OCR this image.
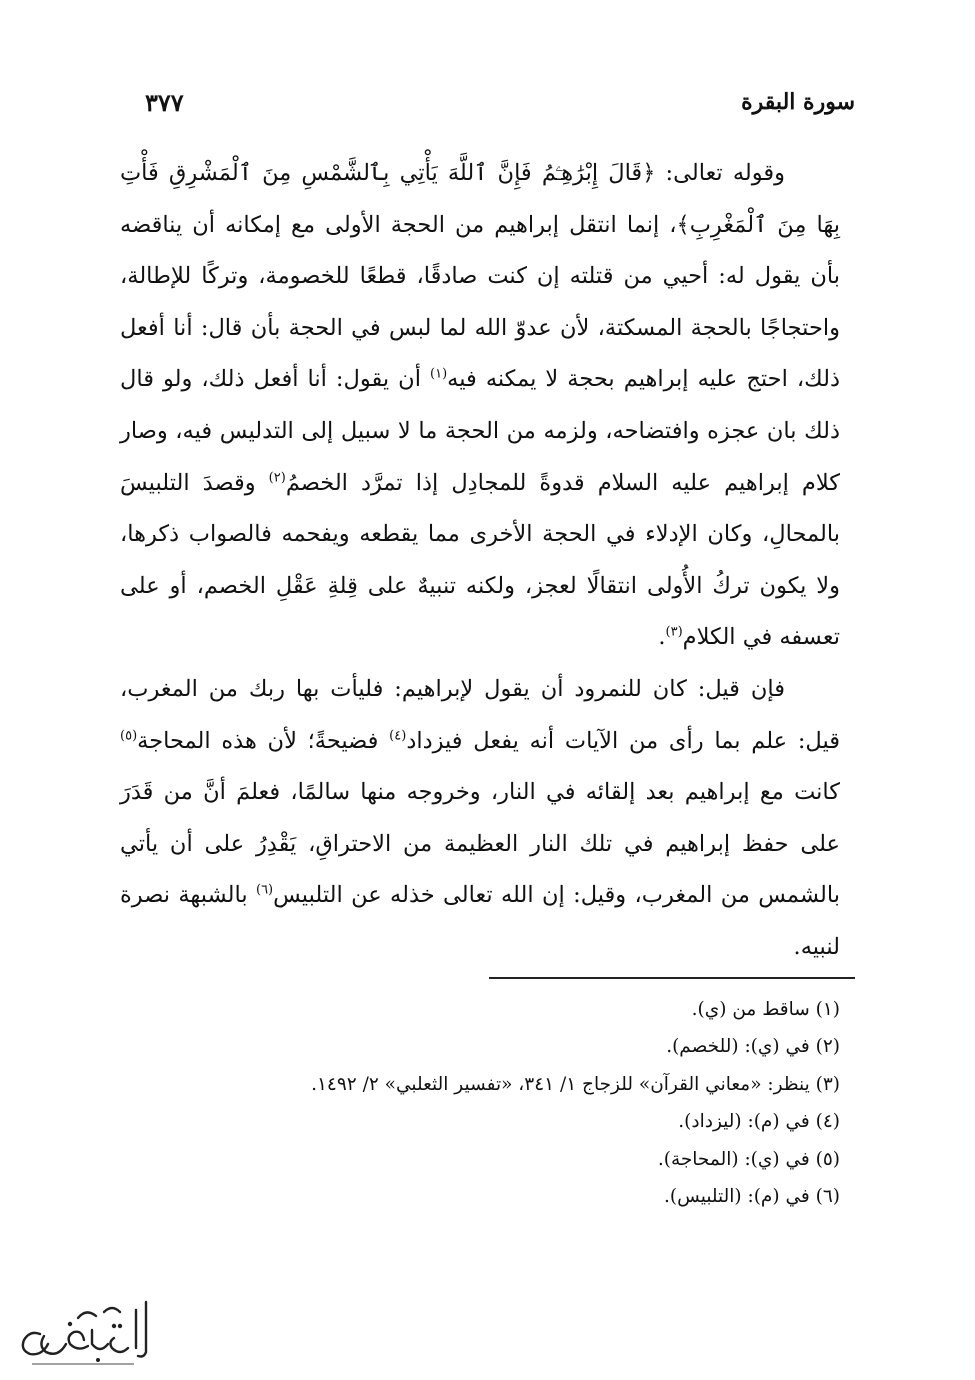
سورة البقرة
٣٧٧

وقوله تعالى: ﴿قَالَ إِبْرَٰهِـۧمُ فَإِنَّ ٱللَّهَ يَأْتِي بِٱلشَّمْسِ مِنَ ٱلْمَشْرِقِ فَأْتِ بِهَا مِنَ ٱلْمَغْرِبِ﴾، إنما انتقل إبراهيم من الحجة الأولى مع إمكانه أن يناقضه بأن يقول له: أحيي من قتلته إن كنت صادقًا، قطعًا للخصومة، وتركًا للإطالة، واحتجاجًا بالحجة المسكتة، لأن عدوّ الله لما لبس في الحجة بأن قال: أنا أفعل ذلك، احتج عليه إبراهيم بحجة لا يمكنه فيه$^{(١)}$ أن يقول: أنا أفعل ذلك، ولو قال ذلك بان عجزه وافتضاحه، ولزمه من الحجة ما لا سبيل إلى التدليس فيه، وصار كلام إبراهيم عليه السلام قدوةً للمجادِل إذا تمرَّد الخصمُ$^{(٢)}$ وقصدَ التلبيسَ بالمحالِ، وكان الإدلاء في الحجة الأخرى مما يقطعه ويفحمه فالصواب ذكرها، ولا يكون تركُ الأُولى انتقالًا لعجز، ولكنه تنبيهٌ على قِلةِ عَقْلِ الخصم، أو على تعسفه في الكلام$^{(٣)}$.

فإن قيل: كان للنمرود أن يقول لإبراهيم: فليأت بها ربك من المغرب، قيل: علم بما رأى من الآيات أنه يفعل فيزداد$^{(٤)}$ فضيحةً؛ لأن هذه المحاجة$^{(٥)}$ كانت مع إبراهيم بعد إلقائه في النار، وخروجه منها سالمًا، فعلمَ أنَّ من قَدَرَ على حفظ إبراهيم في تلك النار العظيمة من الاحتراقِ، يَقْدِرُ على أن يأتي بالشمس من المغرب، وقيل: إن الله تعالى خذله عن التلبيس$^{(٦)}$ بالشبهة نصرة لنبيه.

(١) ساقط من (ي).

(٢) في (ي): (للخصم).

(٣) ينظر: «معاني القرآن» للزجاج ١/ ٣٤١، «تفسير الثعلبي» ٢/ ١٤٩٢.

(٤) في (م): (ليزداد).

(٥) في (ي): (المحاجة).

(٦) في (م): (التلبيس).
